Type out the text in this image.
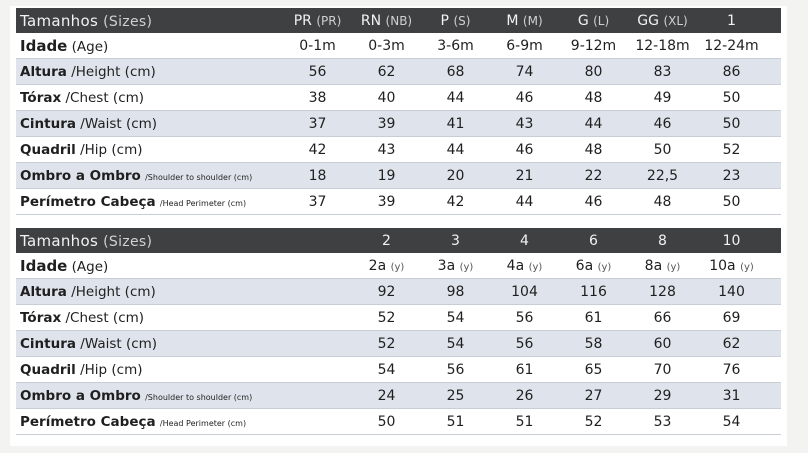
Tamanhos (Sizes)	PR (PR)	RN (NB)	P (S)	M (M)	G (L)	GG (XL)	1
Idade (Age)	0-1m	0-3m	3-6m	6-9m	9-12m	12-18m	12-24m
Altura /Height (cm)	56	62	68	74	80	83	86
Tórax /Chest (cm)	38	40	44	46	48	49	50
Cintura /Waist (cm)	37	39	41	43	44	46	50
Quadril /Hip (cm)	42	43	44	46	48	50	52
Ombro a Ombro /Shoulder to shoulder (cm)	18	19	20	21	22	22,5	23
Perímetro Cabeça /Head Perimeter (cm)	37	39	42	44	46	48	50
Tamanhos (Sizes)	2	3	4	6	8	10
Idade (Age)	2a (y)	3a (y)	4a (y)	6a (y)	8a (y)	10a (y)
Altura /Height (cm)	92	98	104	116	128	140
Tórax /Chest (cm)	52	54	56	61	66	69
Cintura /Waist (cm)	52	54	56	58	60	62
Quadril /Hip (cm)	54	56	61	65	70	76
Ombro a Ombro /Shoulder to shoulder (cm)	24	25	26	27	29	31
Perímetro Cabeça /Head Perimeter (cm)	50	51	51	52	53	54
